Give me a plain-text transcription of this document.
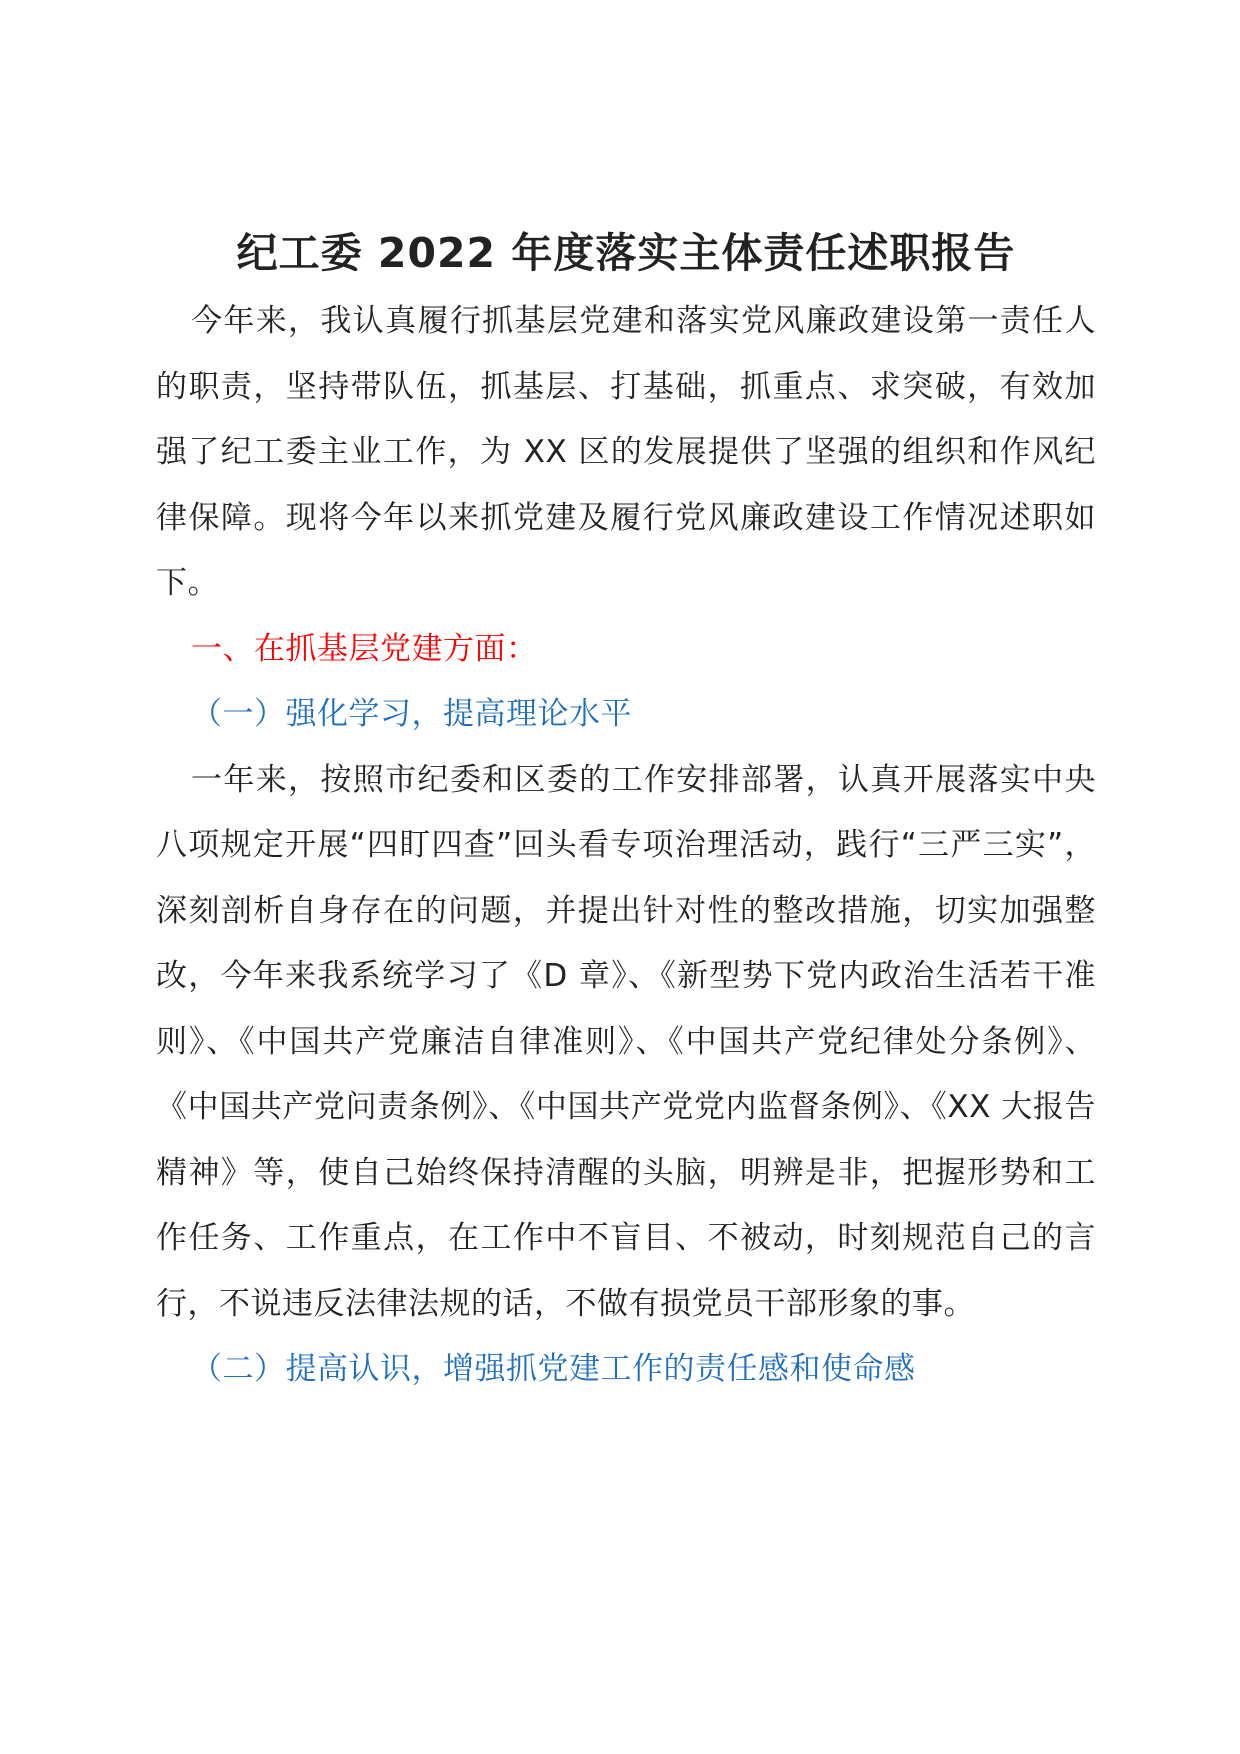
纪工委 2022 年度落实主体责任述职报告

今年来，我认真履行抓基层党建和落实党风廉政建设第一责任人的职责，坚持带队伍，抓基层、打基础，抓重点、求突破，有效加强了纪工委主业工作，为 XX 区的发展提供了坚强的组织和作风纪律保障。现将今年以来抓党建及履行党风廉政建设工作情况述职如下。

一、在抓基层党建方面：

（一）强化学习，提高理论水平

一年来，按照市纪委和区委的工作安排部署，认真开展落实中央八项规定开展“四盯四查”回头看专项治理活动，践行“三严三实”，深刻剖析自身存在的问题，并提出针对性的整改措施，切实加强整改，今年来我系统学习了《D 章》、《新型势下党内政治生活若干准则》、《中国共产党廉洁自律准则》、《中国共产党纪律处分条例》、《中国共产党问责条例》、《中国共产党党内监督条例》、《XX 大报告精神》等，使自己始终保持清醒的头脑，明辨是非，把握形势和工作任务、工作重点，在工作中不盲目、不被动，时刻规范自己的言行，不说违反法律法规的话，不做有损党员干部形象的事。

（二）提高认识，增强抓党建工作的责任感和使命感
